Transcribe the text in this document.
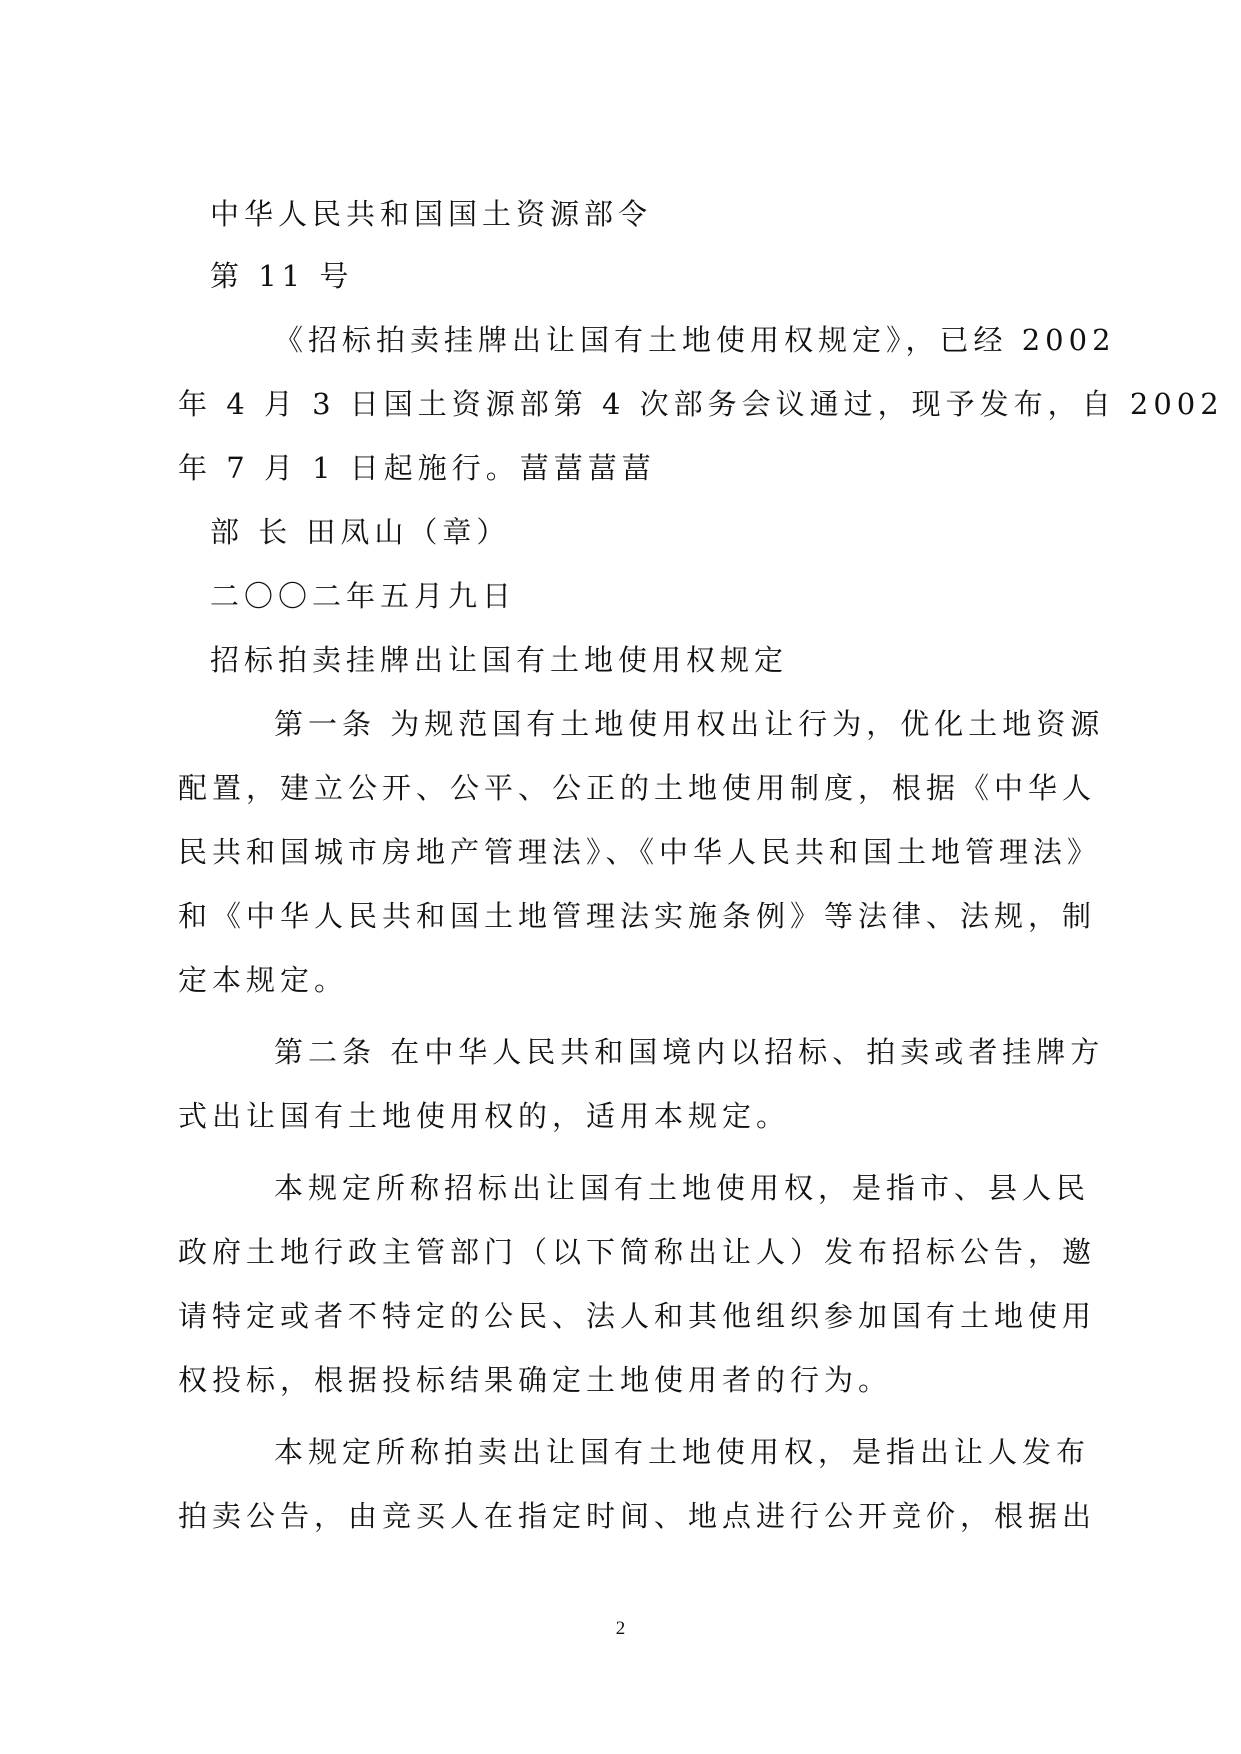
中华人民共和国国土资源部令
第 11 号
《招标拍卖挂牌出让国有土地使用权规定》，已经 2002
年 4 月 3 日国土资源部第 4 次部务会议通过，现予发布，自 2002
年 7 月 1 日起施行。葍葍葍葍
部 长 田凤山（章）
二〇〇二年五月九日
招标拍卖挂牌出让国有土地使用权规定
第一条 为规范国有土地使用权出让行为，优化土地资源
配置，建立公开、公平、公正的土地使用制度，根据《中华人
民共和国城市房地产管理法》、《中华人民共和国土地管理法》
和《中华人民共和国土地管理法实施条例》等法律、法规，制
定本规定。
第二条 在中华人民共和国境内以招标、拍卖或者挂牌方
式出让国有土地使用权的，适用本规定。
本规定所称招标出让国有土地使用权，是指市、县人民
政府土地行政主管部门（以下简称出让人）发布招标公告，邀
请特定或者不特定的公民、法人和其他组织参加国有土地使用
权投标，根据投标结果确定土地使用者的行为。
本规定所称拍卖出让国有土地使用权，是指出让人发布
拍卖公告，由竞买人在指定时间、地点进行公开竞价，根据出
2
